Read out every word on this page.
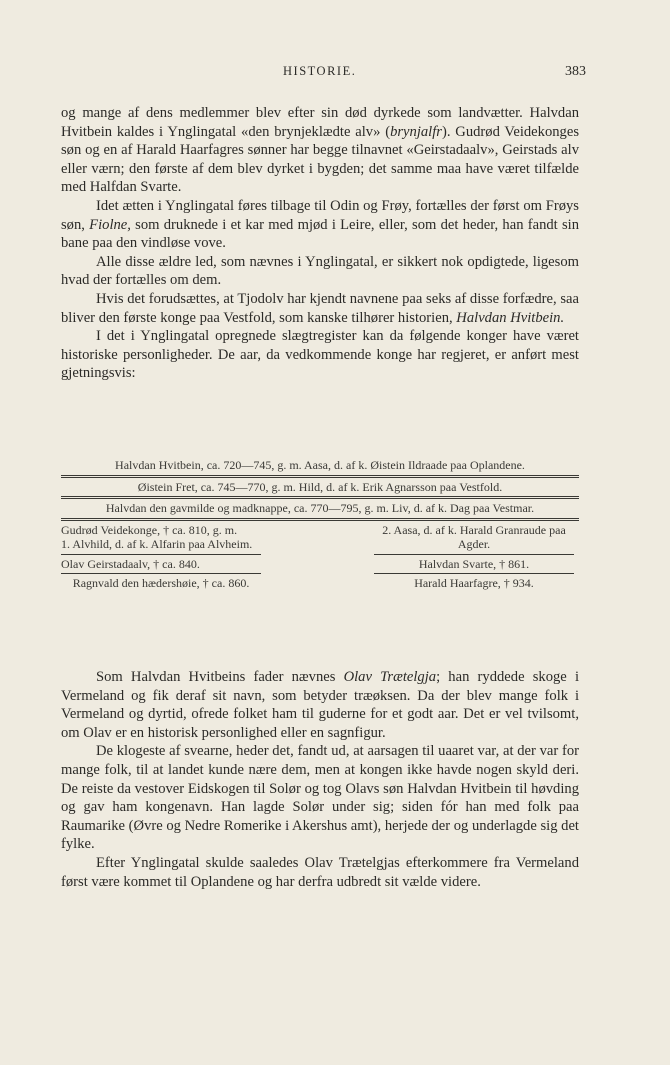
HISTORIE.	383

og mange af dens medlemmer blev efter sin død dyrkede som landvætter. Halvdan Hvitbein kaldes i Ynglingatal «den brynjeklædte alv» (brynjalfr). Gudrød Veidekonges søn og en af Harald Haarfagres sønner har begge tilnavnet «Geirstadaalv», Geirstads alv eller værn; den første af dem blev dyrket i bygden; det samme maa have været tilfælde med Halfdan Svarte.

Idet ætten i Ynglingatal føres tilbage til Odin og Frøy, fortælles der først om Frøys søn, Fiolne, som druknede i et kar med mjød i Leire, eller, som det heder, han fandt sin bane paa den vindløse vove.

Alle disse ældre led, som nævnes i Ynglingatal, er sikkert nok opdigtede, ligesom hvad der fortælles om dem.

Hvis det forudsættes, at Tjodolv har kjendt navnene paa seks af disse forfædre, saa bliver den første konge paa Vestfold, som kanske tilhører historien, Halvdan Hvitbein.

I det i Ynglingatal opregnede slægtregister kan da følgende konger have været historiske personligheder. De aar, da vedkommende konge har regjeret, er anført mest gjetningsvis:

Halvdan Hvitbein, ca. 720—745, g. m. Aasa, d. af k. Øistein Ildraade paa Oplandene.
Øistein Fret, ca. 745—770, g. m. Hild, d. af k. Erik Agnarsson paa Vestfold.
Halvdan den gavmilde og madknappe, ca. 770—795, g. m. Liv, d. af k. Dag paa Vestmar.
Gudrød Veidekonge, † ca. 810, g. m.
1. Alvhild, d. af k. Alfarin paa Alvheim.
2. Aasa, d. af k. Harald Granraude paa Agder.
Olav Geirstadaalv, † ca. 840.
Ragnvald den hædershøie, † ca. 860.
Halvdan Svarte, † 861.
Harald Haarfagre, † 934.

Som Halvdan Hvitbeins fader nævnes Olav Trætelgja; han ryddede skoge i Vermeland og fik deraf sit navn, som betyder træøksen. Da der blev mange folk i Vermeland og dyrtid, ofrede folket ham til guderne for et godt aar. Det er vel tvilsomt, om Olav er en historisk personlighed eller en sagnfigur.

De klogeste af svearne, heder det, fandt ud, at aarsagen til uaaret var, at der var for mange folk, til at landet kunde nære dem, men at kongen ikke havde nogen skyld deri. De reiste da vestover Eidskogen til Solør og tog Olavs søn Halvdan Hvitbein til høvding og gav ham kongenavn. Han lagde Solør under sig; siden fór han med folk paa Raumarike (Øvre og Nedre Romerike i Akershus amt), herjede der og underlagde sig det fylke.

Efter Ynglingatal skulde saaledes Olav Trætelgjas efterkommere fra Vermeland først være kommet til Oplandene og har derfra udbredt sit vælde videre.
